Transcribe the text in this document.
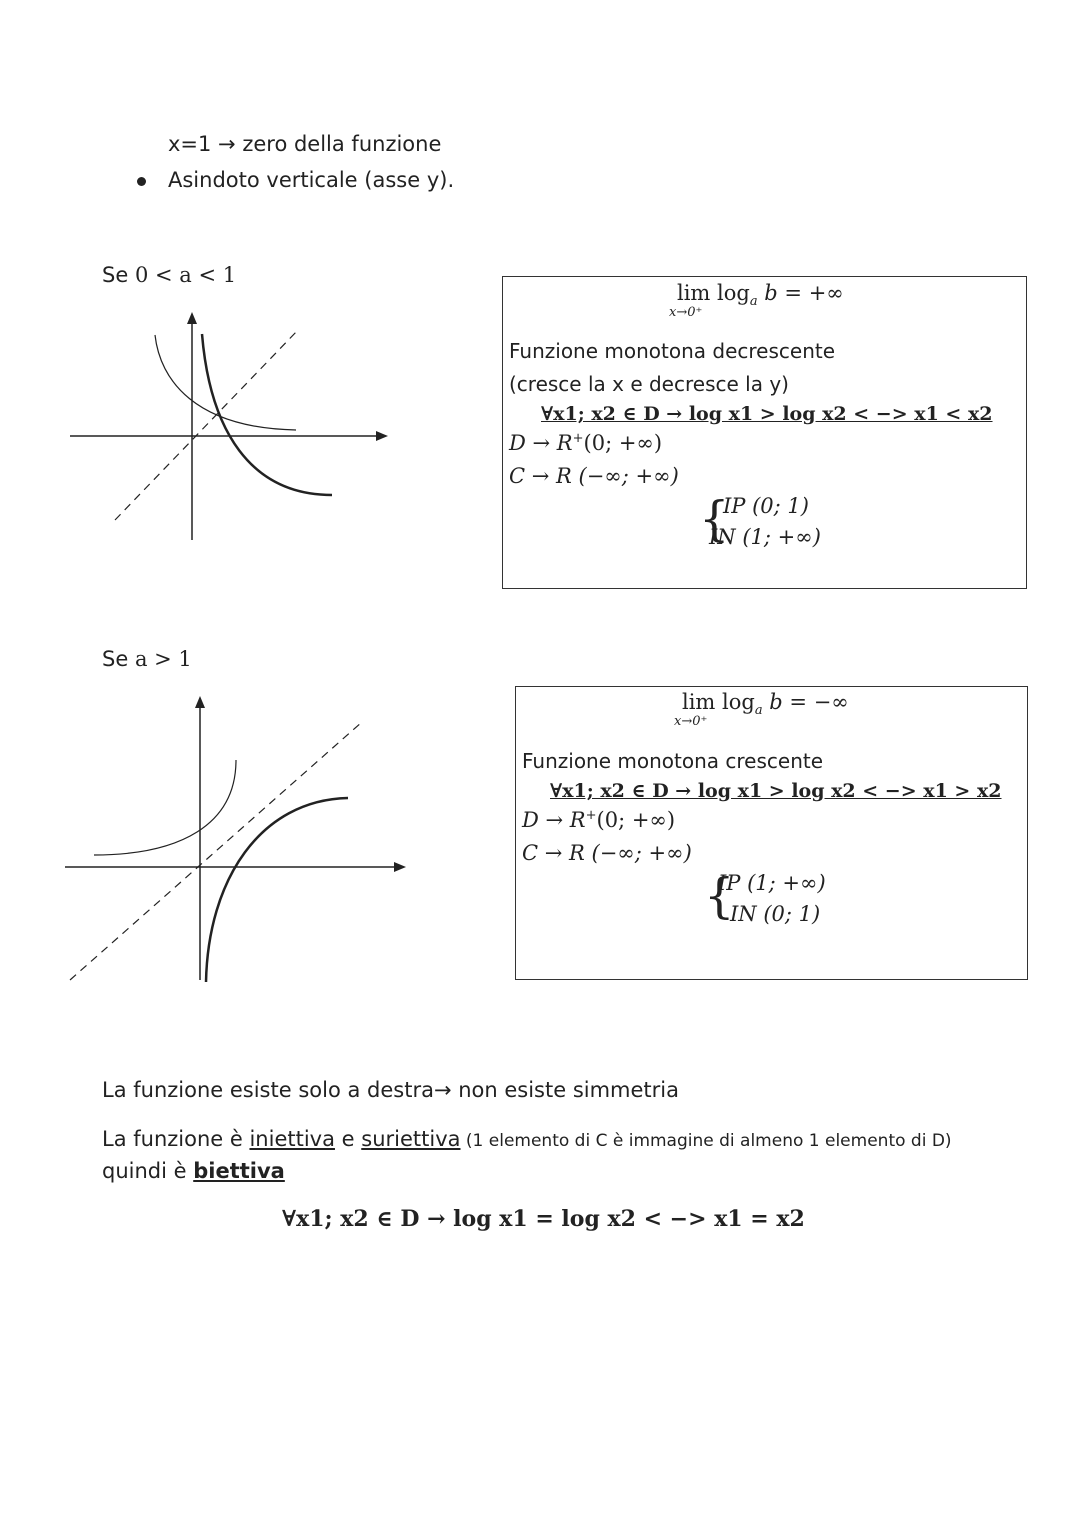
x=1 → zero della funzione
Asindoto verticale (asse y).
Se 0 < a < 1
$\lim \log_a b$ = +∞
x→0⁺
Funzione monotona decrescente
(cresce la x e decresce la y)
∀x1; x2 ∈ D → log x1 > log x2 < −> x1 < x2
D → R+(0; +∞)
C → R (−∞; +∞)
{
IP (0; 1)
IN (1; +∞)
Se a > 1
$\lim \log_a b$ = −∞
x→0⁺
Funzione monotona crescente
∀x1; x2 ∈ D → log x1 > log x2 < −> x1 > x2
D → R+(0; +∞)
C → R (−∞; +∞)
{
IP (1; +∞)
IN (0; 1)
La funzione esiste solo a destra→ non esiste simmetria
La funzione è iniettiva e suriettiva (1 elemento di C è immagine di almeno 1 elemento di D)
quindi è biettiva
∀x1; x2 ∈ D → log x1 = log x2 < −> x1 = x2
